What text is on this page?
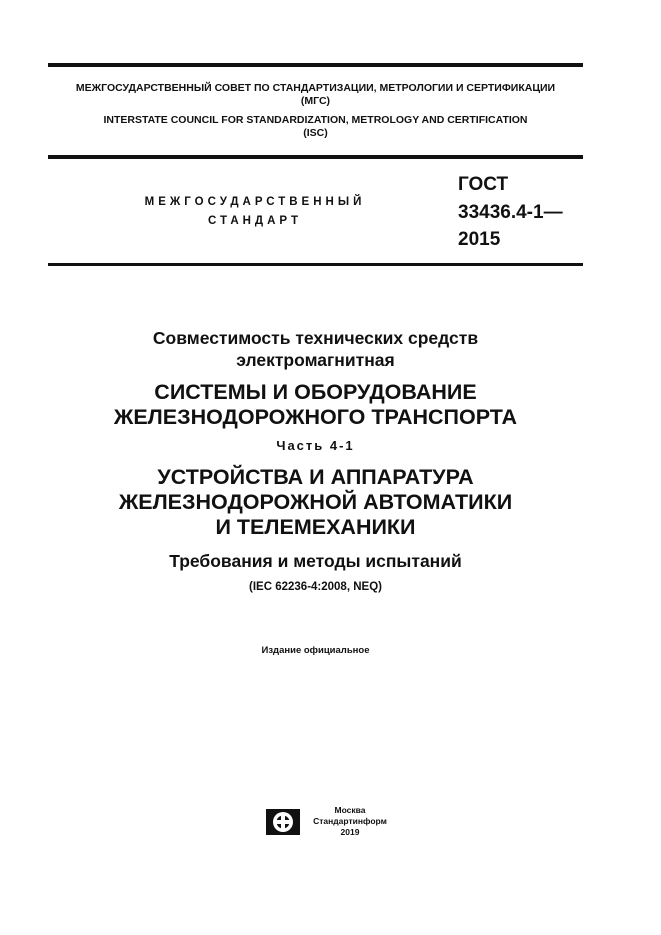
МЕЖГОСУДАРСТВЕННЫЙ СОВЕТ ПО СТАНДАРТИЗАЦИИ, МЕТРОЛОГИИ И СЕРТИФИКАЦИИ
(МГС)
INTERSTATE COUNCIL FOR STANDARDIZATION, METROLOGY AND CERTIFICATION
(ISC)
МЕЖГОСУДАРСТВЕННЫЙ
СТАНДАРТ
ГОСТ
33436.4-1—
2015
Совместимость технических средств
электромагнитная
СИСТЕМЫ И ОБОРУДОВАНИЕ
ЖЕЛЕЗНОДОРОЖНОГО ТРАНСПОРТА
Часть 4-1
УСТРОЙСТВА И АППАРАТУРА
ЖЕЛЕЗНОДОРОЖНОЙ АВТОМАТИКИ
И ТЕЛЕМЕХАНИКИ
Требования и методы испытаний
(IEC 62236-4:2008, NEQ)
Издание официальное
Москва
Стандартинформ
2019
